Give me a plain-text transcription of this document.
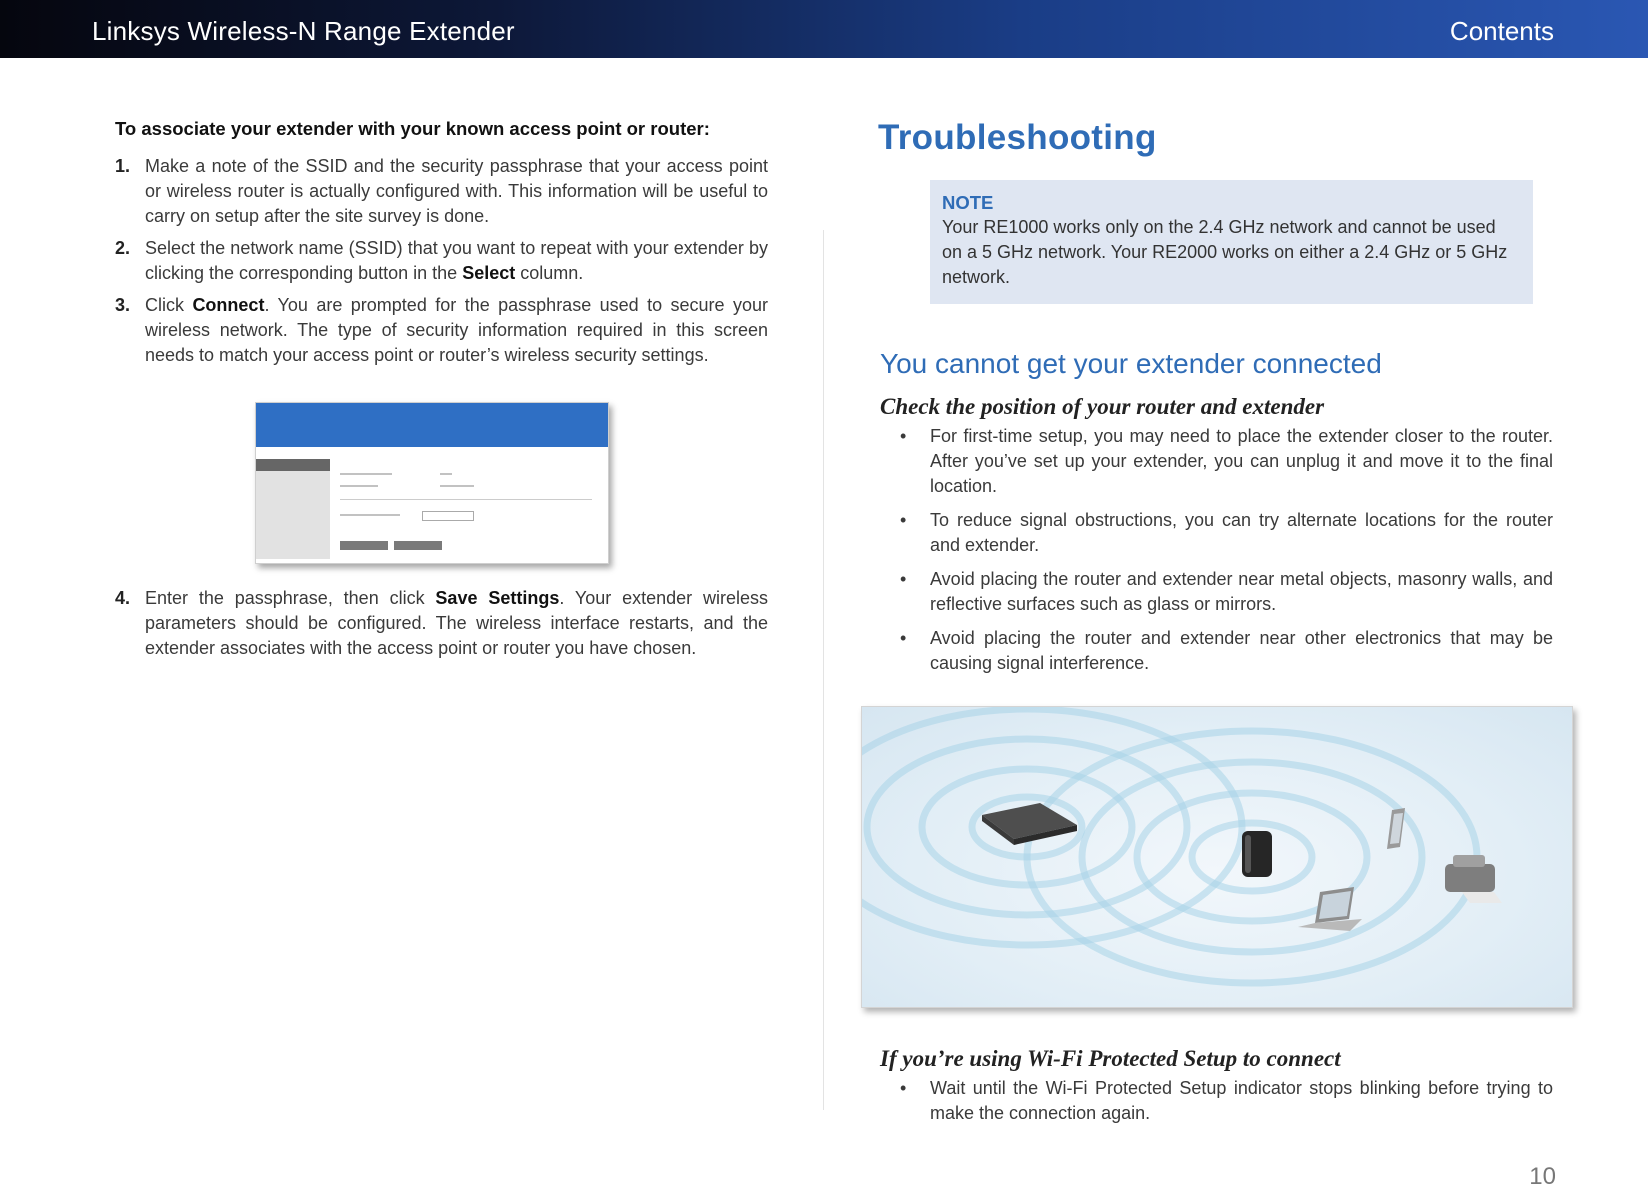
Linksys Wireless-N Range Extender	Contents

To associate your extender with your known access point or router:

1. Make a note of the SSID and the security passphrase that your access point or wireless router is actually configured with. This information will be useful to carry on setup after the site survey is done.
2. Select the network name (SSID) that you want to repeat with your extender by clicking the corresponding button in the Select column.
3. Click Connect. You are prompted for the passphrase used to secure your wireless network. The type of security information required in this screen needs to match your access point or router’s wireless security settings.
4. Enter the passphrase, then click Save Settings. Your extender wireless parameters should be configured. The wireless interface restarts, and the extender associates with the access point or router you have chosen.
Troubleshooting
NOTE
Your RE1000 works only on the 2.4 GHz network and cannot be used on a 5 GHz network. Your RE2000 works on either a 2.4 GHz or 5 GHz network.
You cannot get your extender connected
Check the position of your router and extender
•	For first-time setup, you may need to place the extender closer to the router. After you’ve set up your extender, you can unplug it and move it to the final location.
•	To reduce signal obstructions, you can try alternate locations for the router and extender.
•	Avoid placing the router and extender near metal objects, masonry walls, and reflective surfaces such as glass or mirrors.
•	Avoid placing the router and extender near other electronics that may be causing signal interference.
If you’re using Wi-Fi Protected Setup to connect
•	Wait until the Wi-Fi Protected Setup indicator stops blinking before trying to make the connection again.
10
